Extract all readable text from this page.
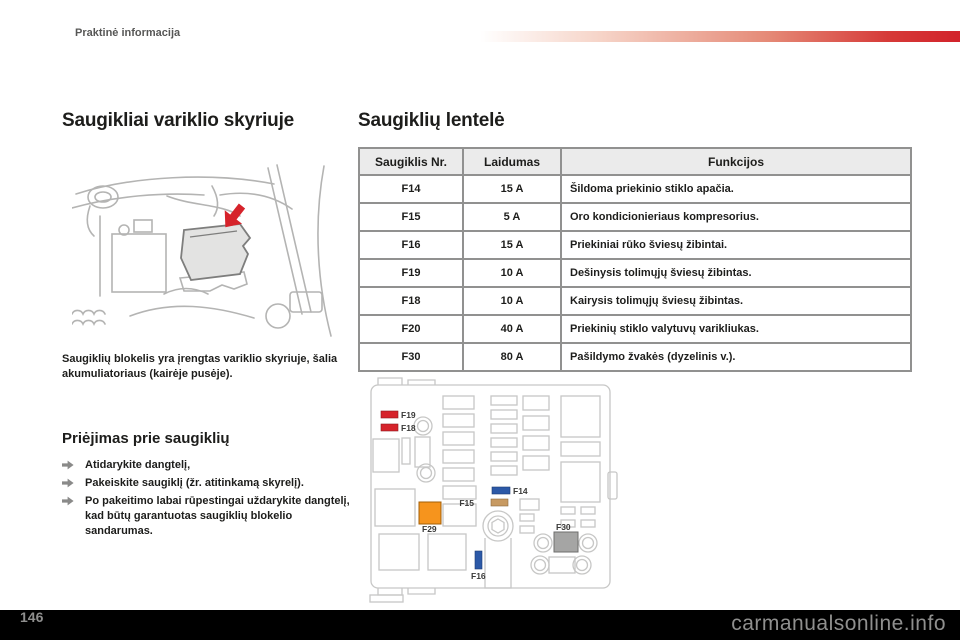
Praktinė informacija
Saugikliai variklio skyriuje	Saugiklių lentelė

Saugiklių blokelis yra įrengtas variklio skyriuje, šalia akumuliatoriaus (kairėje pusėje).

Priėjimas prie saugiklių
Atidarykite dangtelį,
Pakeiskite saugiklį (žr. atitinkamą skyrelį).
Po pakeitimo labai rūpestingai uždarykite dangtelį, kad būtų garantuotas saugiklių blokelio sandarumas.
Saugiklis Nr.	Laidumas	Funkcijos
F14	15 A	Šildoma priekinio stiklo apačia.
F15	5 A	Oro kondicionieriaus kompresorius.
F16	15 A	Priekiniai rūko šviesų žibintai.
F19	10 A	Dešinysis tolimųjų šviesų žibintas.
F18	10 A	Kairysis tolimųjų šviesų žibintas.
F20	40 A	Priekinių stiklo valytuvų varikliukas.
F30	80 A	Pašildymo žvakės (dyzelinis v.).
F19
F18
F14
F15
F29	F30
F16
146	carmanualsonline.info
